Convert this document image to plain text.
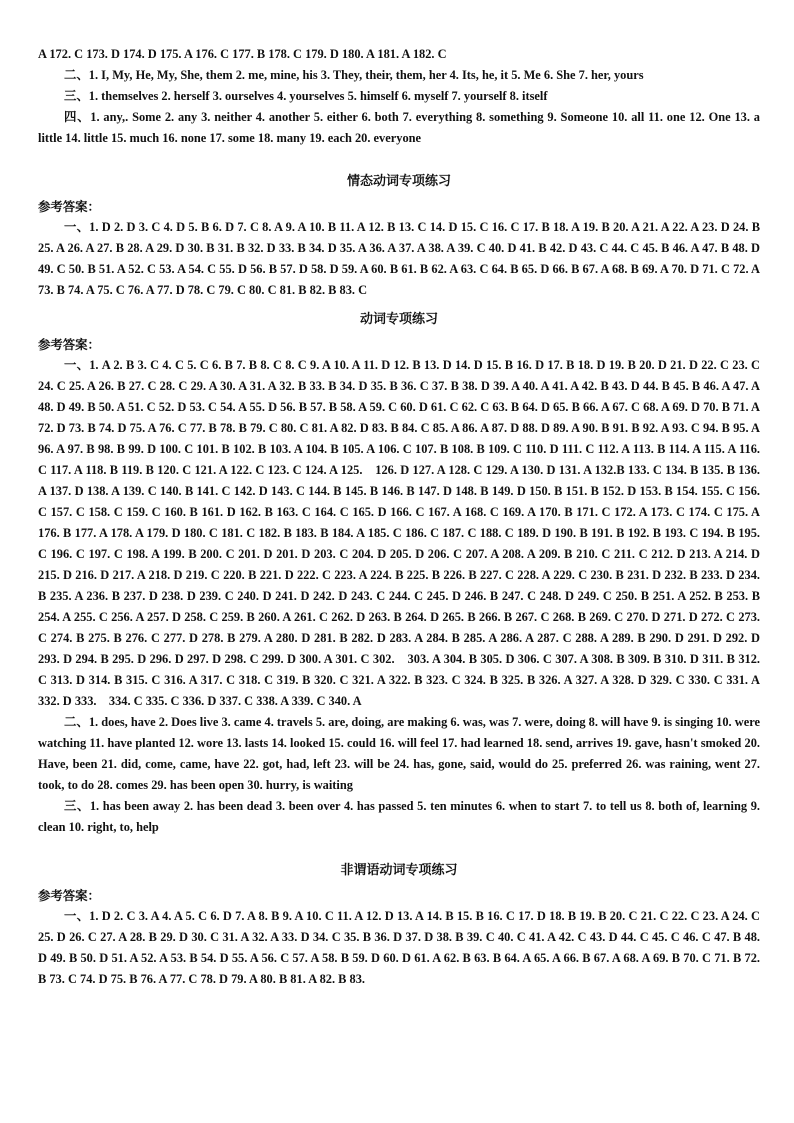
A 172. C 173. D 174. D 175. A 176. C 177. B 178. C 179. D 180. A 181. A 182. C

二、1. I, My, He, My, She, them 2. me, mine, his 3. They, their, them, her 4. Its, he, it 5. Me 6. She 7. her, yours

三、1. themselves 2. herself 3. ourselves 4. yourselves 5. himself 6. myself 7. yourself 8. itself

四、1. any,. Some 2. any 3. neither 4. another 5. either 6. both 7. everything 8. something 9. Someone 10. all 11. one 12. One 13. a little 14. little 15. much 16. none 17. some 18. many 19. each 20. everyone

情态动词专项练习

参考答案：

一、1. D 2. D 3. C 4. D 5. B 6. D 7. C 8. A 9. A 10. B 11. A 12. B 13. C 14. D 15. C 16. C 17. B 18. A 19. B 20. A 21. A 22. A 23. D 24. B 25. A 26. A 27. B 28. A 29. D 30. B 31. B 32. D 33. B 34. D 35. A 36. A 37. A 38. A 39. C 40. D 41. B 42. D 43. C 44. C 45. B 46. A 47. B 48. D 49. C 50. B 51. A 52. C 53. A 54. C 55. D 56. B 57. D 58. D 59. A 60. B 61. B 62. A 63. C 64. B 65. D 66. B 67. A 68. B 69. A 70. D 71. C 72. A 73. B 74. A 75. C 76. A 77. D 78. C 79. C 80. C 81. B 82. B 83. C

动词专项练习

参考答案：

一、1. A 2. B 3. C 4. C 5. C 6. B 7. B 8. C 8. C 9. A 10. A 11. D 12. B 13. D 14. D 15. B 16. D 17. B 18. D 19. B 20. D 21. D 22. C 23. C 24. C 25. A 26. B 27. C 28. C 29. A 30. A 31. A 32. B 33. B 34. D 35. B 36. C 37. B 38. D 39. A 40. A 41. A 42. B 43. D 44. B 45. B 46. A 47. A 48. D 49. B 50. A 51. C 52. D 53. C 54. A 55. D 56. B 57. B 58. A 59. C 60. D 61. C 62. C 63. B 64. D 65. B 66. A 67. C 68. A 69. D 70. B 71. A 72. D 73. B 74. D 75. A 76. C 77. B 78. B 79. C 80. C 81. A 82. D 83. B 84. C 85. A 86. A 87. D 88. D 89. A 90. B 91. B 92. A 93. C 94. B 95. A 96. A 97. B 98. B 99. D 100. C 101. B 102. B 103. A 104. B 105. A 106. C 107. B 108. B 109. C 110. D 111. C 112. A 113. B 114. A 115. A 116. C 117. A 118. B 119. B 120. C 121. A 122. C 123. C 124. A 125.　126. D 127. A 128. C 129. A 130. D 131. A 132.B 133. C 134. B 135. B 136. A 137. D 138. A 139. C 140. B 141. C 142. D 143. C 144. B 145. B 146. B 147. D 148. B 149. D 150. B 151. B 152. D 153. B 154. 155. C 156. C 157. C 158. C 159. C 160. B 161. D 162. B 163. C 164. C 165. D 166. C 167. A 168. C 169. A 170. B 171. C 172. A 173. C 174. C 175. A 176. B 177. A 178. A 179. D 180. C 181. C 182. B 183. B 184. A 185. C 186. C 187. C 188. C 189. D 190. B 191. B 192. B 193. C 194. B 195. C 196. C 197. C 198. A 199. B 200. C 201. D 201. D 203. C 204. D 205. D 206. C 207. A 208. A 209. B 210. C 211. C 212. D 213. A 214. D 215. D 216. D 217. A 218. D 219. C 220. B 221. D 222. C 223. A 224. B 225. B 226. B 227. C 228. A 229. C 230. B 231. D 232. B 233. D 234. B 235. A 236. B 237. D 238. D 239. C 240. D 241. D 242. D 243. C 244. C 245. D 246. B 247. C 248. D 249. C 250. B 251. A 252. B 253. B 254. A 255. C 256. A 257. D 258. C 259. B 260. A 261. C 262. D 263. B 264. D 265. B 266. B 267. C 268. B 269. C 270. D 271. D 272. C 273. C 274. B 275. B 276. C 277. D 278. B 279. A 280. D 281. B 282. D 283. A 284. B 285. A 286. A 287. C 288. A 289. B 290. D 291. D 292. D 293. D 294. B 295. D 296. D 297. D 298. C 299. D 300. A 301. C 302.　303. A 304. B 305. D 306. C 307. A 308. B 309. B 310. D 311. B 312. C 313. D 314. B 315. C 316. A 317. C 318. C 319. B 320. C 321. A 322. B 323. C 324. B 325. B 326. A 327. A 328. D 329. C 330. C 331. A 332. D 333.　334. C 335. C 336. D 337. C 338. A 339. C 340. A

二、1. does, have 2. Does live 3. came 4. travels 5. are, doing, are making 6. was, was 7. were, doing 8. will have 9. is singing 10. were watching 11. have planted 12. wore 13. lasts 14. looked 15. could 16. will feel 17. had learned 18. send, arrives 19. gave, hasn't smoked 20. Have, been 21. did, come, came, have 22. got, had, left 23. will be 24. has, gone, said, would do 25. preferred 26. was raining, went 27. took, to do 28. comes 29. has been open 30. hurry, is waiting

三、1. has been away 2. has been dead 3. been over 4. has passed 5. ten minutes 6. when to start 7. to tell us 8. both of, learning 9. clean 10. right, to, help

非谓语动词专项练习

参考答案：

一、1. D 2. C 3. A 4. A 5. C 6. D 7. A 8. B 9. A 10. C 11. A 12. D 13. A 14. B 15. B 16. C 17. D 18. B 19. B 20. C 21. C 22. C 23. A 24. C 25. D 26. C 27. A 28. B 29. D 30. C 31. A 32. A 33. D 34. C 35. B 36. D 37. D 38. B 39. C 40. C 41. A 42. C 43. D 44. C 45. C 46. C 47. B 48. D 49. B 50. D 51. A 52. A 53. B 54. D 55. A 56. C 57. A 58. B 59. D 60. D 61. A 62. B 63. B 64. A 65. A 66. B 67. A 68. A 69. B 70. C 71. B 72. B 73. C 74. D 75. B 76. A 77. C 78. D 79. A 80. B 81. A 82. B 83.
